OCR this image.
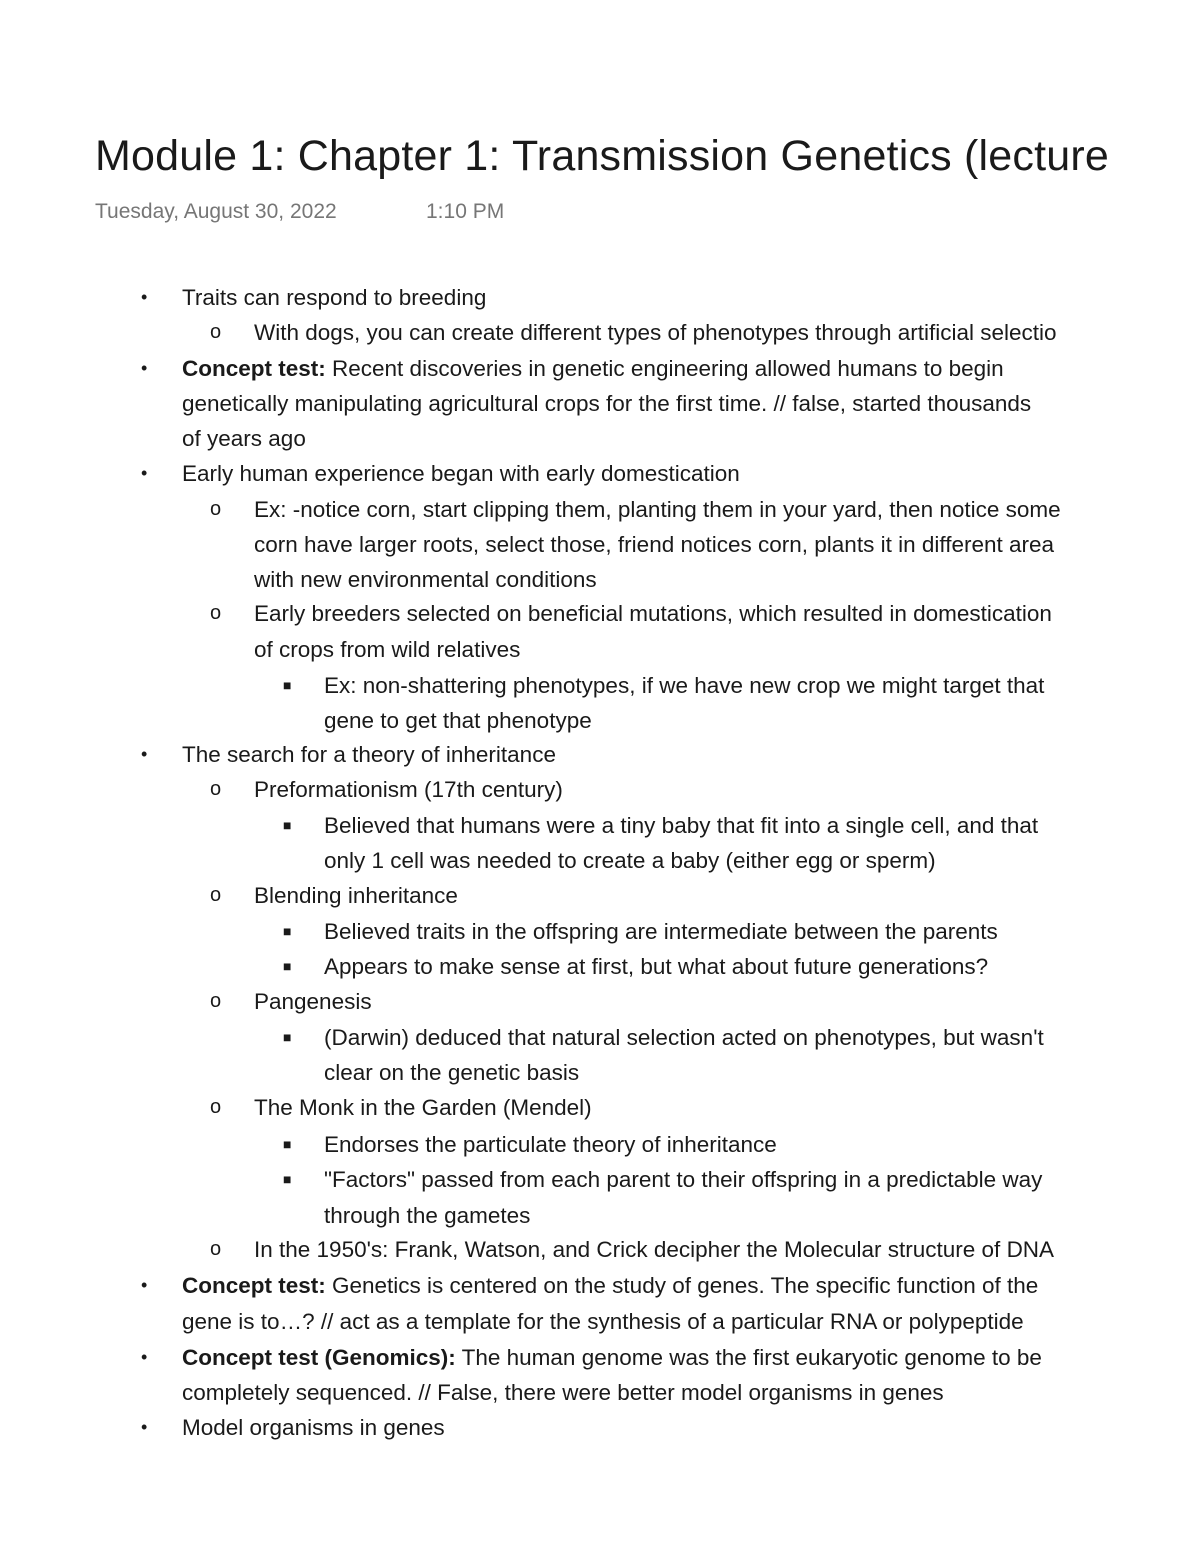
Module 1: Chapter 1: Transmission Genetics (lecture
Tuesday, August 30, 2022	1:10 PM
• Traits can respond to breeding
o With dogs, you can create different types of phenotypes through artificial selectio
• Concept test: Recent discoveries in genetic engineering allowed humans to begin
genetically manipulating agricultural crops for the first time. // false, started thousands
of years ago
• Early human experience began with early domestication
o Ex: -notice corn, start clipping them, planting them in your yard, then notice some
corn have larger roots, select those, friend notices corn, plants it in different area
with new environmental conditions
o Early breeders selected on beneficial mutations, which resulted in domestication
of crops from wild relatives
■ Ex: non-shattering phenotypes, if we have new crop we might target that
gene to get that phenotype
• The search for a theory of inheritance
o Preformationism (17th century)
■ Believed that humans were a tiny baby that fit into a single cell, and that
only 1 cell was needed to create a baby (either egg or sperm)
o Blending inheritance
■ Believed traits in the offspring are intermediate between the parents
■ Appears to make sense at first, but what about future generations?
o Pangenesis
■ (Darwin) deduced that natural selection acted on phenotypes, but wasn't
clear on the genetic basis
o The Monk in the Garden (Mendel)
■ Endorses the particulate theory of inheritance
■ "Factors" passed from each parent to their offspring in a predictable way
through the gametes
o In the 1950's: Frank, Watson, and Crick decipher the Molecular structure of DNA
• Concept test: Genetics is centered on the study of genes. The specific function of the
gene is to…? // act as a template for the synthesis of a particular RNA or polypeptide
• Concept test (Genomics): The human genome was the first eukaryotic genome to be
completely sequenced. // False, there were better model organisms in genes
• Model organisms in genes
